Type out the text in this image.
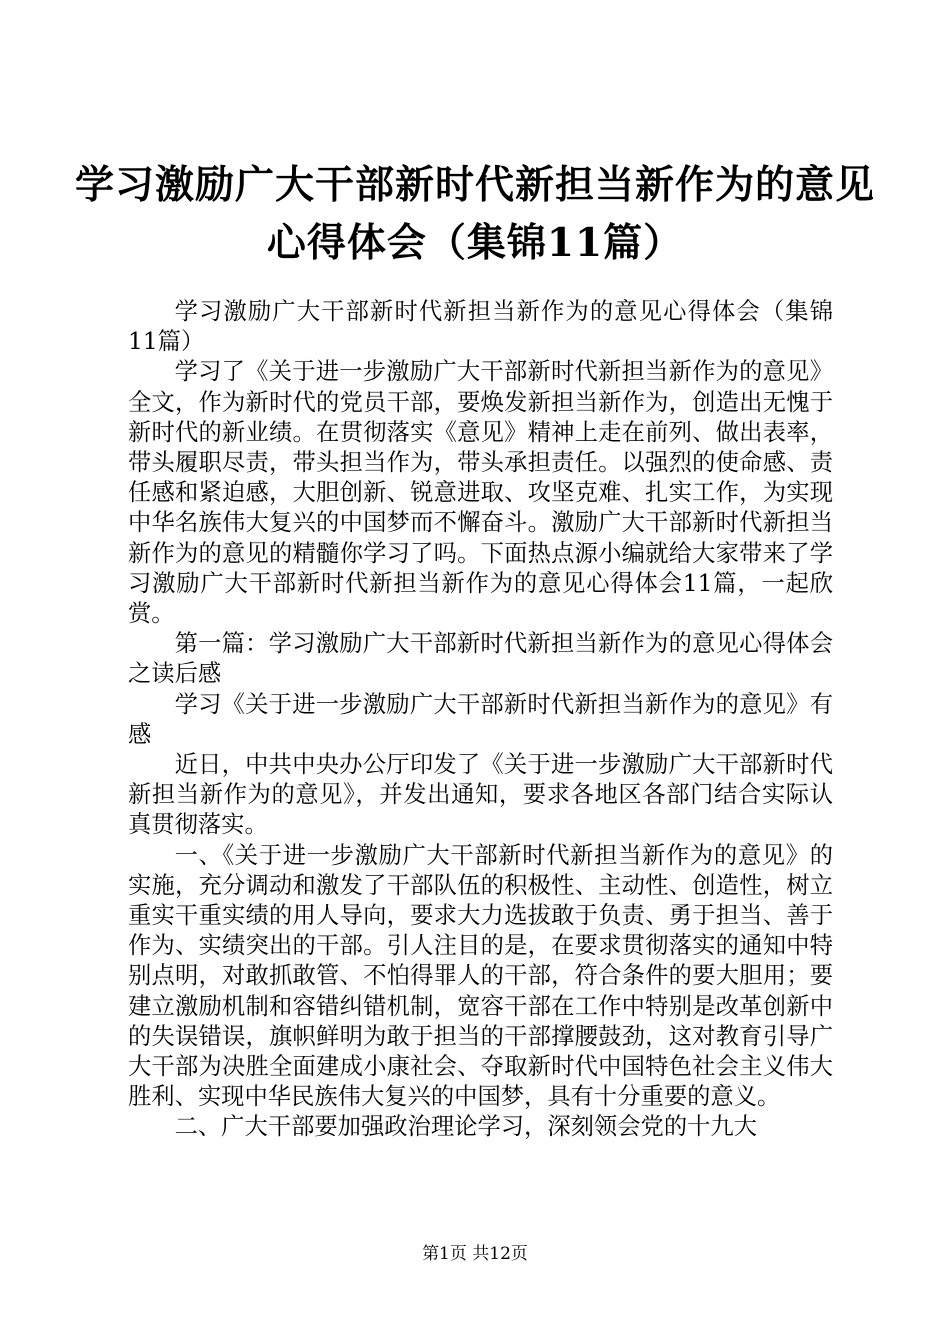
学习激励广大干部新时代新担当新作为的意见
心得体会（集锦11篇）

学习激励广大干部新时代新担当新作为的意见心得体会（集锦11篇）

学习了《关于进一步激励广大干部新时代新担当新作为的意见》全文，作为新时代的党员干部，要焕发新担当新作为，创造出无愧于新时代的新业绩。在贯彻落实《意见》精神上走在前列、做出表率，带头履职尽责，带头担当作为，带头承担责任。以强烈的使命感、责任感和紧迫感，大胆创新、锐意进取、攻坚克难、扎实工作，为实现中华名族伟大复兴的中国梦而不懈奋斗。激励广大干部新时代新担当新作为的意见的精髓你学习了吗。下面热点源小编就给大家带来了学习激励广大干部新时代新担当新作为的意见心得体会11篇，一起欣赏。

第一篇：学习激励广大干部新时代新担当新作为的意见心得体会之读后感

学习《关于进一步激励广大干部新时代新担当新作为的意见》有感

近日，中共中央办公厅印发了《关于进一步激励广大干部新时代新担当新作为的意见》，并发出通知，要求各地区各部门结合实际认真贯彻落实。

一、《关于进一步激励广大干部新时代新担当新作为的意见》的实施，充分调动和激发了干部队伍的积极性、主动性、创造性，树立重实干重实绩的用人导向，要求大力选拔敢于负责、勇于担当、善于作为、实绩突出的干部。引人注目的是，在要求贯彻落实的通知中特别点明，对敢抓敢管、不怕得罪人的干部，符合条件的要大胆用；要建立激励机制和容错纠错机制，宽容干部在工作中特别是改革创新中的失误错误，旗帜鲜明为敢于担当的干部撑腰鼓劲，这对教育引导广大干部为决胜全面建成小康社会、夺取新时代中国特色社会主义伟大胜利、实现中华民族伟大复兴的中国梦，具有十分重要的意义。

二、广大干部要加强政治理论学习，深刻领会党的十九大

第1页 共12页
